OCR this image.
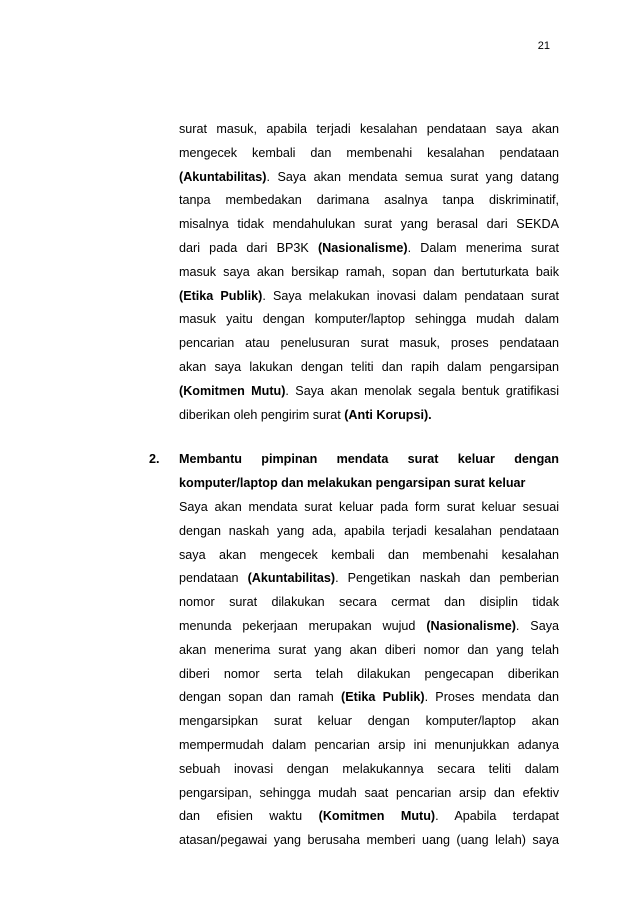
21
surat masuk, apabila terjadi kesalahan pendataan saya akan
mengecek kembali dan membenahi kesalahan pendataan
(Akuntabilitas). Saya akan mendata semua surat yang datang
tanpa membedakan darimana asalnya tanpa diskriminatif,
misalnya tidak mendahulukan surat yang berasal dari SEKDA
dari pada dari BP3K (Nasionalisme). Dalam menerima surat
masuk saya akan bersikap ramah, sopan dan bertuturkata baik
(Etika Publik). Saya melakukan inovasi dalam pendataan surat
masuk yaitu dengan komputer/laptop sehingga mudah dalam
pencarian atau penelusuran surat masuk, proses pendataan
akan saya lakukan dengan teliti dan rapih dalam pengarsipan
(Komitmen Mutu). Saya akan menolak segala bentuk gratifikasi
diberikan oleh pengirim surat (Anti Korupsi).
2. Membantu pimpinan mendata surat keluar dengan
komputer/laptop dan melakukan pengarsipan surat keluar
Saya akan mendata surat keluar pada form surat keluar sesuai
dengan naskah yang ada, apabila terjadi kesalahan pendataan
saya akan mengecek kembali dan membenahi kesalahan
pendataan (Akuntabilitas). Pengetikan naskah dan pemberian
nomor surat dilakukan secara cermat dan disiplin tidak
menunda pekerjaan merupakan wujud (Nasionalisme). Saya
akan menerima surat yang akan diberi nomor dan yang telah
diberi nomor serta telah dilakukan pengecapan diberikan
dengan sopan dan ramah (Etika Publik). Proses mendata dan
mengarsipkan surat keluar dengan komputer/laptop akan
mempermudah dalam pencarian arsip ini menunjukkan adanya
sebuah inovasi dengan melakukannya secara teliti dalam
pengarsipan, sehingga mudah saat pencarian arsip dan efektiv
dan efisien waktu (Komitmen Mutu). Apabila terdapat
atasan/pegawai yang berusaha memberi uang (uang lelah) saya
